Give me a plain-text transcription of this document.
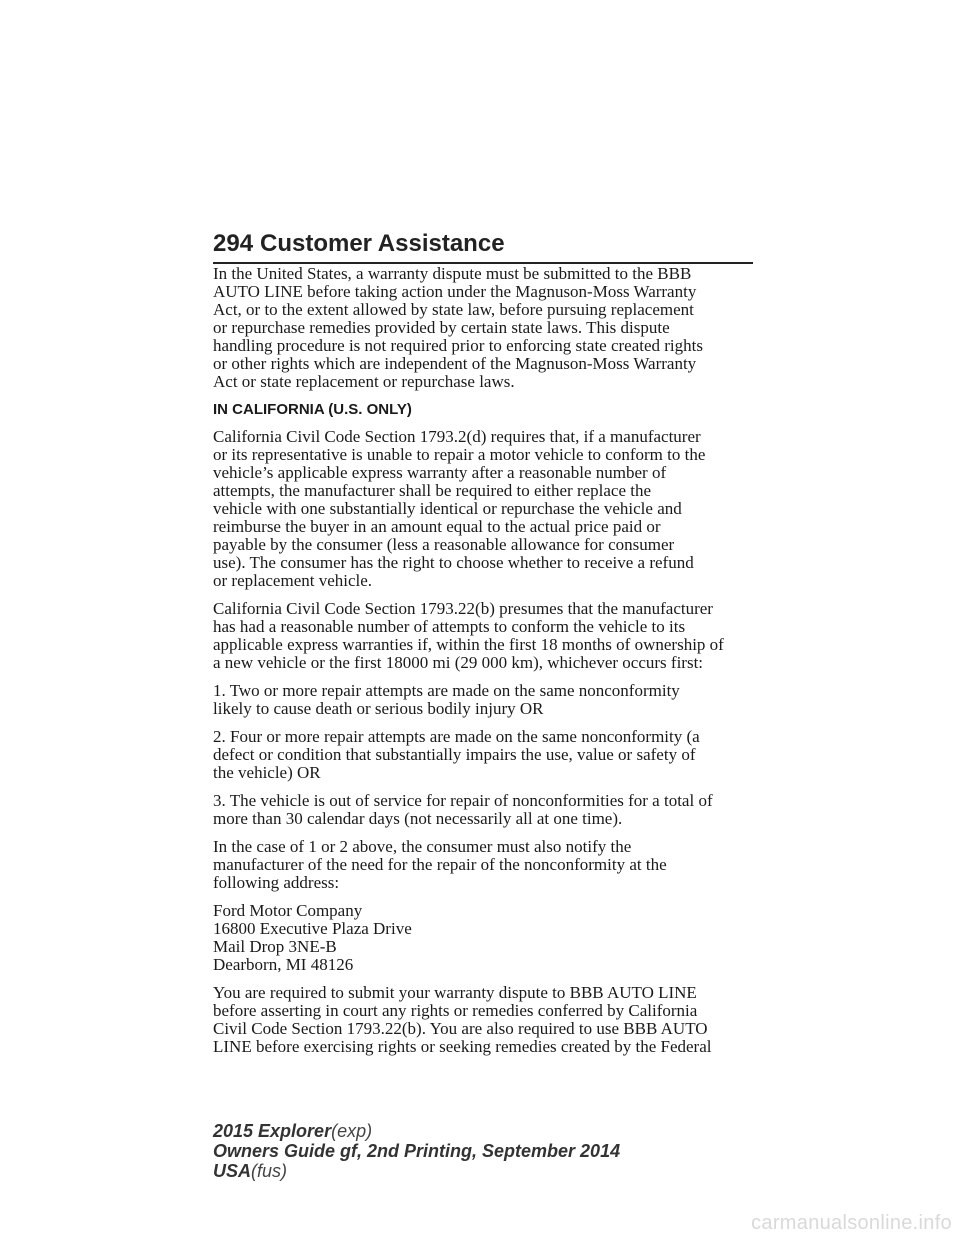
294 Customer Assistance

In the United States, a warranty dispute must be submitted to the BBB
AUTO LINE before taking action under the Magnuson-Moss Warranty
Act, or to the extent allowed by state law, before pursuing replacement
or repurchase remedies provided by certain state laws. This dispute
handling procedure is not required prior to enforcing state created rights
or other rights which are independent of the Magnuson-Moss Warranty
Act or state replacement or repurchase laws.

IN CALIFORNIA (U.S. ONLY)

California Civil Code Section 1793.2(d) requires that, if a manufacturer
or its representative is unable to repair a motor vehicle to conform to the
vehicle’s applicable express warranty after a reasonable number of
attempts, the manufacturer shall be required to either replace the
vehicle with one substantially identical or repurchase the vehicle and
reimburse the buyer in an amount equal to the actual price paid or
payable by the consumer (less a reasonable allowance for consumer
use). The consumer has the right to choose whether to receive a refund
or replacement vehicle.

California Civil Code Section 1793.22(b) presumes that the manufacturer
has had a reasonable number of attempts to conform the vehicle to its
applicable express warranties if, within the first 18 months of ownership of
a new vehicle or the first 18000 mi (29 000 km), whichever occurs first:

1. Two or more repair attempts are made on the same nonconformity
likely to cause death or serious bodily injury OR

2. Four or more repair attempts are made on the same nonconformity (a
defect or condition that substantially impairs the use, value or safety of
the vehicle) OR

3. The vehicle is out of service for repair of nonconformities for a total of
more than 30 calendar days (not necessarily all at one time).

In the case of 1 or 2 above, the consumer must also notify the
manufacturer of the need for the repair of the nonconformity at the
following address:

Ford Motor Company
16800 Executive Plaza Drive
Mail Drop 3NE-B
Dearborn, MI 48126

You are required to submit your warranty dispute to BBB AUTO LINE
before asserting in court any rights or remedies conferred by California
Civil Code Section 1793.22(b). You are also required to use BBB AUTO
LINE before exercising rights or seeking remedies created by the Federal

2015 Explorer(exp)
Owners Guide gf, 2nd Printing, September 2014
USA(fus)
carmanualsonline.info
